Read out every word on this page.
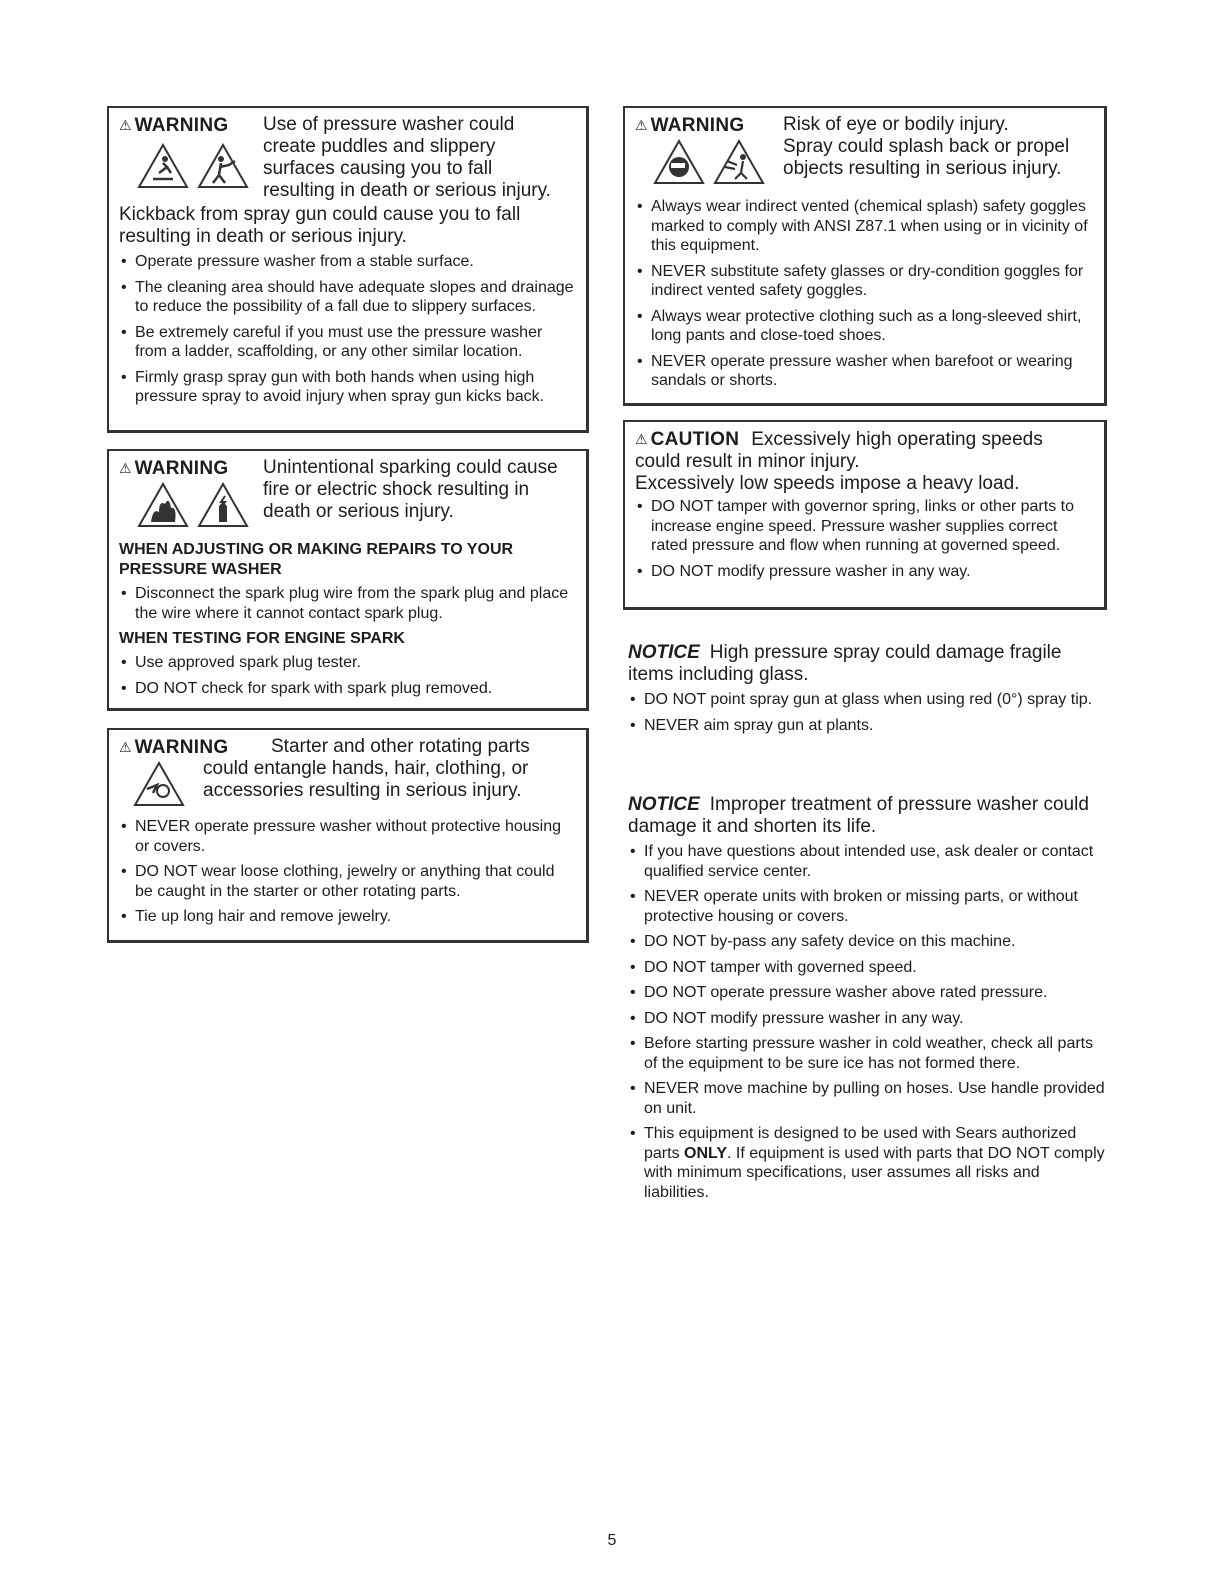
⚠ WARNING	Use of pressure washer could
create puddles and slippery
surfaces causing you to fall
resulting in death or serious injury.
Kickback from spray gun could cause you to fall resulting in death or serious injury.
• Operate pressure washer from a stable surface.
• The cleaning area should have adequate slopes and drainage to reduce the possibility of a fall due to slippery surfaces.
• Be extremely careful if you must use the pressure washer from a ladder, scaffolding, or any other similar location.
• Firmly grasp spray gun with both hands when using high pressure spray to avoid injury when spray gun kicks back.
⚠ WARNING	Unintentional sparking could cause
fire or electric shock resulting in
death or serious injury.
WHEN ADJUSTING OR MAKING REPAIRS TO YOUR PRESSURE WASHER
• Disconnect the spark plug wire from the spark plug and place the wire where it cannot contact spark plug.
WHEN TESTING FOR ENGINE SPARK
• Use approved spark plug tester.
• DO NOT check for spark with spark plug removed.
⚠ WARNING Starter and other rotating parts
could entangle hands, hair, clothing, or
accessories resulting in serious injury.
• NEVER operate pressure washer without protective housing or covers.
• DO NOT wear loose clothing, jewelry or anything that could be caught in the starter or other rotating parts.
• Tie up long hair and remove jewelry.
⚠ WARNING	Risk of eye or bodily injury.
Spray could splash back or propel
objects resulting in serious injury.
• Always wear indirect vented (chemical splash) safety goggles marked to comply with ANSI Z87.1 when using or in vicinity of this equipment.
• NEVER substitute safety glasses or dry-condition goggles for indirect vented safety goggles.
• Always wear protective clothing such as a long-sleeved shirt, long pants and close-toed shoes.
• NEVER operate pressure washer when barefoot or wearing sandals or shorts.
⚠ CAUTION Excessively high operating speeds
could result in minor injury.
Excessively low speeds impose a heavy load.
• DO NOT tamper with governor spring, links or other parts to increase engine speed. Pressure washer supplies correct rated pressure and flow when running at governed speed.
• DO NOT modify pressure washer in any way.
NOTICE High pressure spray could damage fragile items including glass.
• DO NOT point spray gun at glass when using red (0°) spray tip.
• NEVER aim spray gun at plants.
NOTICE Improper treatment of pressure washer could damage it and shorten its life.
• If you have questions about intended use, ask dealer or contact qualified service center.
• NEVER operate units with broken or missing parts, or without protective housing or covers.
• DO NOT by-pass any safety device on this machine.
• DO NOT tamper with governed speed.
• DO NOT operate pressure washer above rated pressure.
• DO NOT modify pressure washer in any way.
• Before starting pressure washer in cold weather, check all parts of the equipment to be sure ice has not formed there.
• NEVER move machine by pulling on hoses. Use handle provided on unit.
• This equipment is designed to be used with Sears authorized parts ONLY. If equipment is used with parts that DO NOT comply with minimum specifications, user assumes all risks and liabilities.
5
